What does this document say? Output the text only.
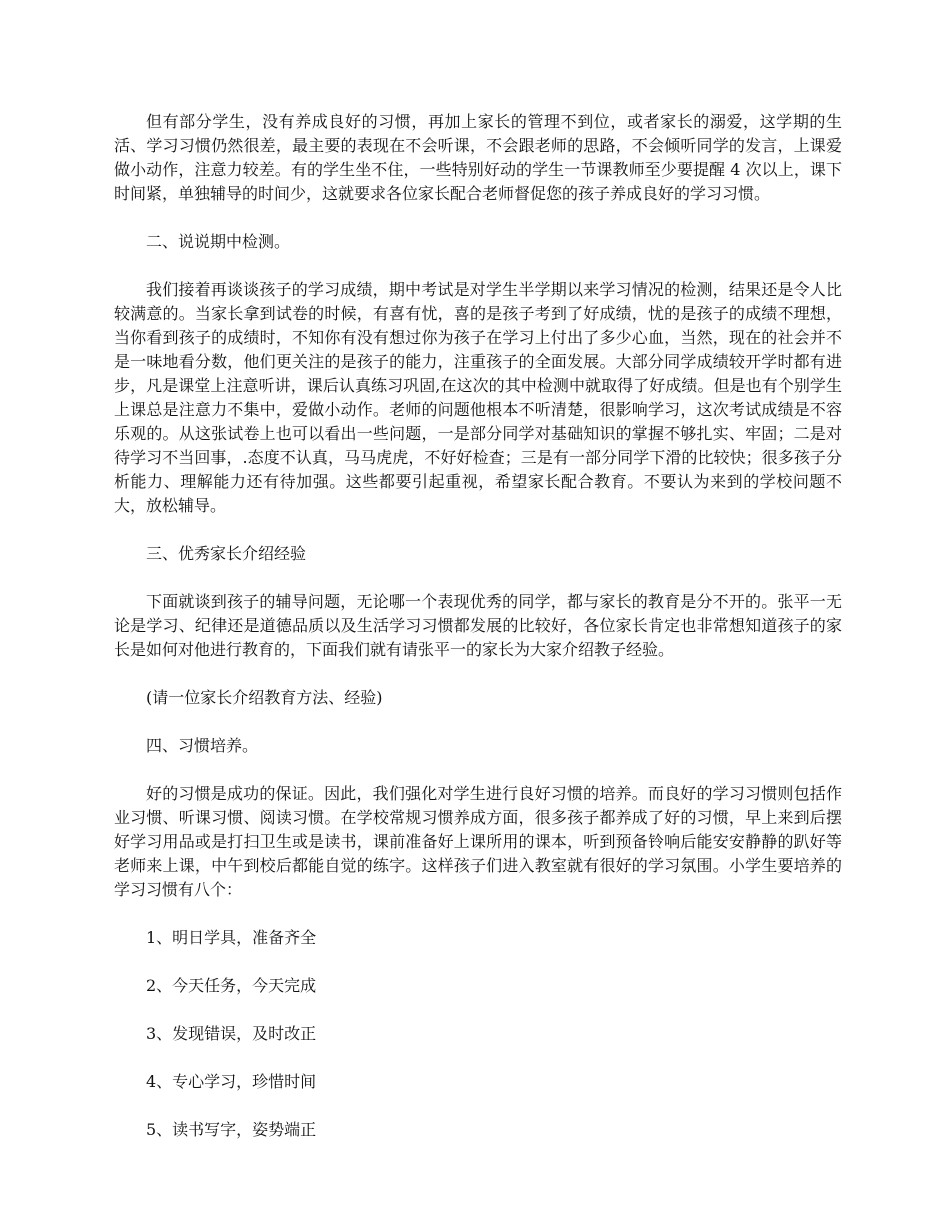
但有部分学生，没有养成良好的习惯，再加上家长的管理不到位，或者家长的溺爱，这学期的生活、学习习惯仍然很差，最主要的表现在不会听课，不会跟老师的思路，不会倾听同学的发言，上课爱做小动作，注意力较差。有的学生坐不住，一些特别好动的学生一节课教师至少要提醒 4 次以上，课下时间紧，单独辅导的时间少，这就要求各位家长配合老师督促您的孩子养成良好的学习习惯。

二、说说期中检测。

我们接着再谈谈孩子的学习成绩，期中考试是对学生半学期以来学习情况的检测，结果还是令人比较满意的。当家长拿到试卷的时候，有喜有忧，喜的是孩子考到了好成绩，忧的是孩子的成绩不理想，当你看到孩子的成绩时，不知你有没有想过你为孩子在学习上付出了多少心血，当然，现在的社会并不是一味地看分数，他们更关注的是孩子的能力，注重孩子的全面发展。大部分同学成绩较开学时都有进步，凡是课堂上注意听讲，课后认真练习巩固,在这次的其中检测中就取得了好成绩。但是也有个别学生上课总是注意力不集中，爱做小动作。老师的问题他根本不听清楚，很影响学习，这次考试成绩是不容乐观的。从这张试卷上也可以看出一些问题，一是部分同学对基础知识的掌握不够扎实、牢固；二是对待学习不当回事，.态度不认真，马马虎虎，不好好检查；三是有一部分同学下滑的比较快；很多孩子分析能力、理解能力还有待加强。这些都要引起重视，希望家长配合教育。不要认为来到的学校问题不大，放松辅导。

三、优秀家长介绍经验

下面就谈到孩子的辅导问题，无论哪一个表现优秀的同学，都与家长的教育是分不开的。张平一无论是学习、纪律还是道德品质以及生活学习习惯都发展的比较好，各位家长肯定也非常想知道孩子的家长是如何对他进行教育的，下面我们就有请张平一的家长为大家介绍教子经验。

(请一位家长介绍教育方法、经验)

四、习惯培养。

好的习惯是成功的保证。因此，我们强化对学生进行良好习惯的培养。而良好的学习习惯则包括作业习惯、听课习惯、阅读习惯。在学校常规习惯养成方面，很多孩子都养成了好的习惯，早上来到后摆好学习用品或是打扫卫生或是读书，课前准备好上课所用的课本，听到预备铃响后能安安静静的趴好等老师来上课，中午到校后都能自觉的练字。这样孩子们进入教室就有很好的学习氛围。小学生要培养的学习习惯有八个：

1、明日学具，准备齐全

2、今天任务，今天完成

3、发现错误，及时改正

4、专心学习，珍惜时间

5、读书写字，姿势端正
